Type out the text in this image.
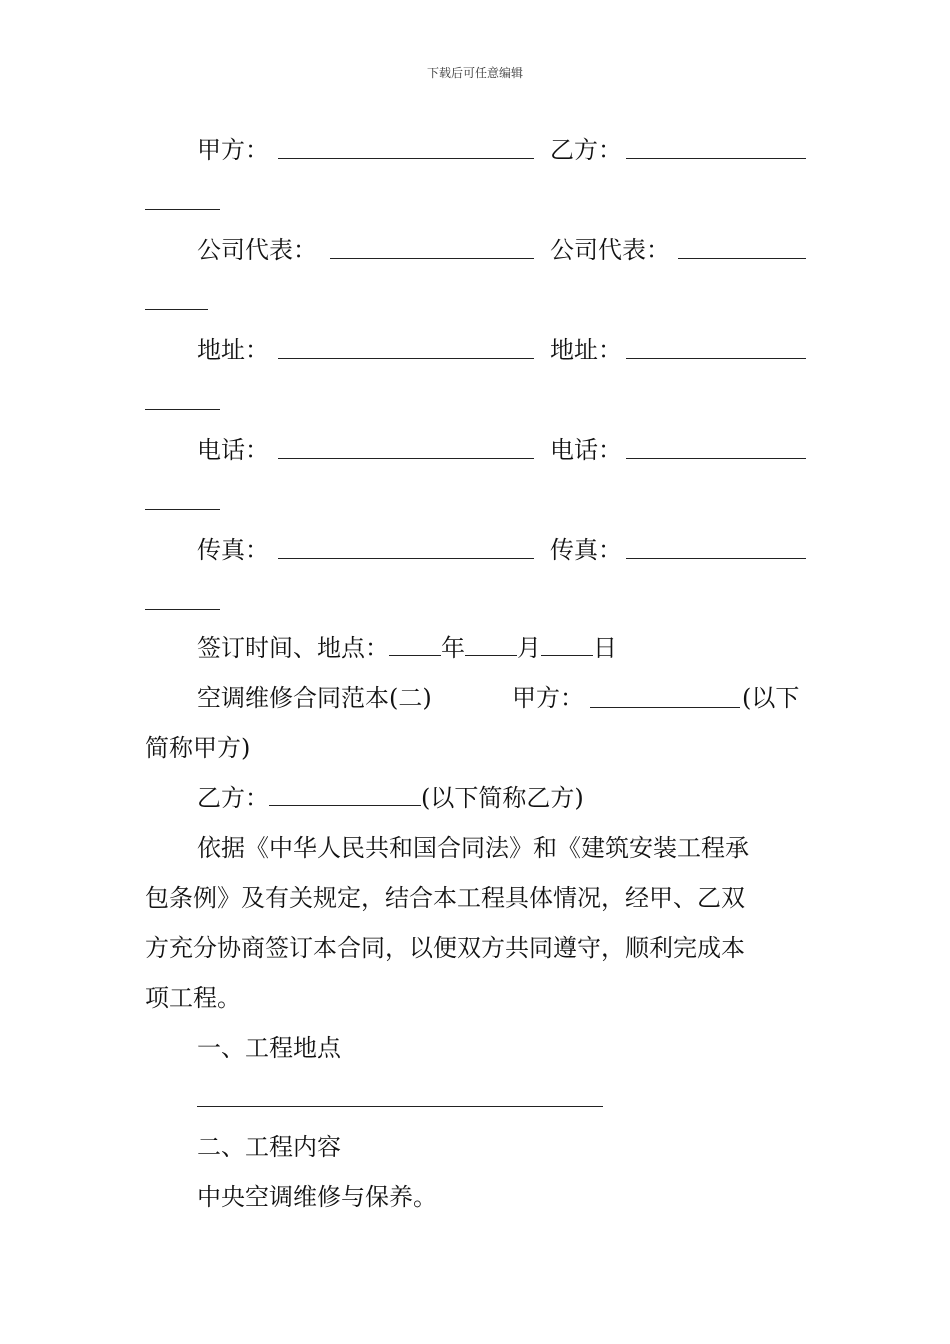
下载后可任意编辑
甲方：	乙方：
公司代表：	公司代表：
地址：	地址：
电话：	电话：
传真：	传真：
签订时间、地点： 年 月 日
空调维修合同范本(二)	甲方：	(以下
简称甲方)
乙方：	(以下简称乙方)
依据《中华人民共和国合同法》和《建筑安装工程承
包条例》及有关规定，结合本工程具体情况，经甲、乙双
方充分协商签订本合同，以便双方共同遵守，顺利完成本
项工程。
一、工程地点
二、工程内容
中央空调维修与保养。
